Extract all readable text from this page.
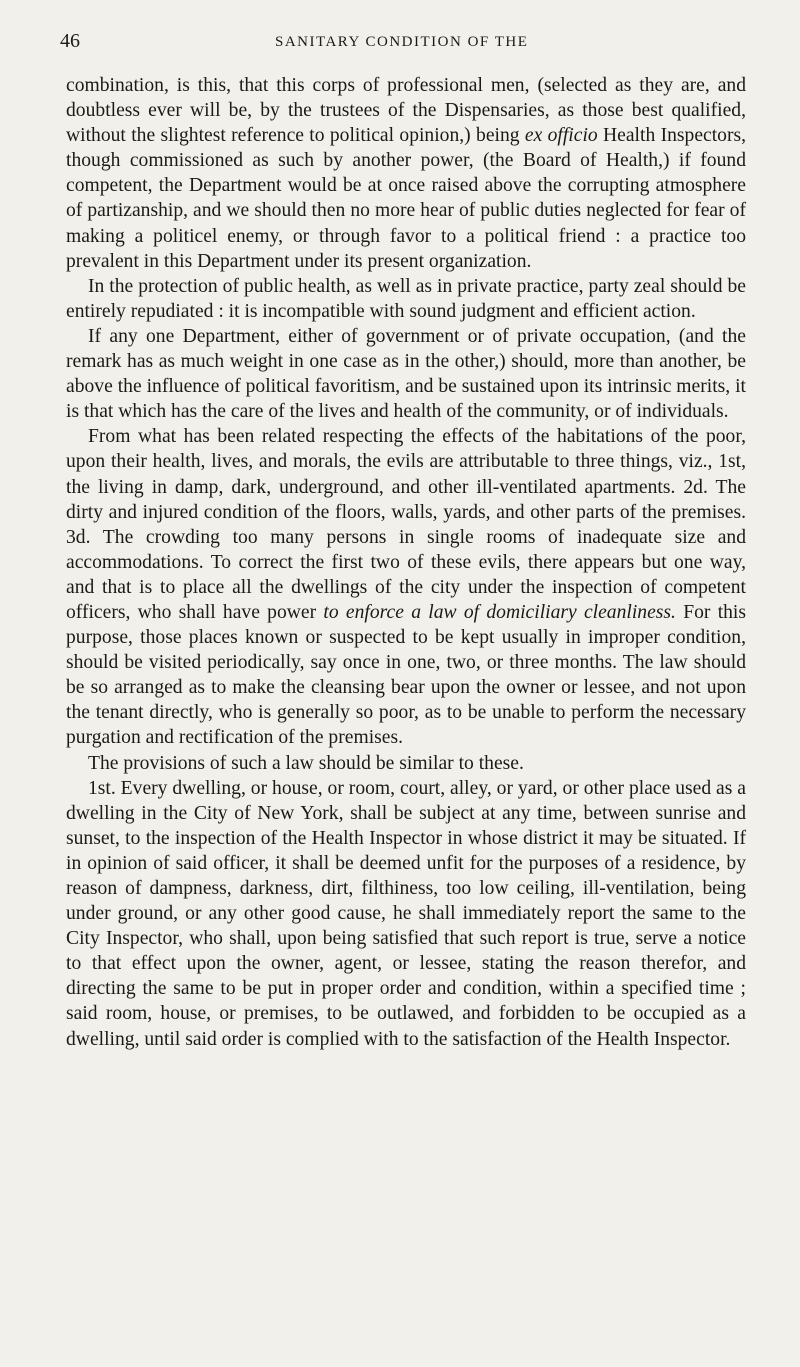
46	SANITARY CONDITION OF THE

combination, is this, that this corps of professional men, (selected as they are, and doubtless ever will be, by the trustees of the Dispensaries, as those best qualified, without the slightest reference to political opinion,) being ex officio Health Inspectors, though commissioned as such by another power, (the Board of Health,) if found competent, the Department would be at once raised above the corrupting atmosphere of partizanship, and we should then no more hear of public duties neglected for fear of making a politicel enemy, or through favor to a political friend : a practice too prevalent in this Department under its present organization.

In the protection of public health, as well as in private practice, party zeal should be entirely repudiated : it is incompatible with sound judgment and efficient action.

If any one Department, either of government or of private occupation, (and the remark has as much weight in one case as in the other,) should, more than another, be above the influence of political favoritism, and be sustained upon its intrinsic merits, it is that which has the care of the lives and health of the community, or of individuals.

From what has been related respecting the effects of the habitations of the poor, upon their health, lives, and morals, the evils are attributable to three things, viz., 1st, the living in damp, dark, underground, and other ill-ventilated apartments. 2d. The dirty and injured condition of the floors, walls, yards, and other parts of the premises. 3d. The crowding too many persons in single rooms of inadequate size and accommodations. To correct the first two of these evils, there appears but one way, and that is to place all the dwellings of the city under the inspection of competent officers, who shall have power to enforce a law of domiciliary cleanliness. For this purpose, those places known or suspected to be kept usually in improper condition, should be visited periodically, say once in one, two, or three months. The law should be so arranged as to make the cleansing bear upon the owner or lessee, and not upon the tenant directly, who is generally so poor, as to be unable to perform the necessary purgation and rectification of the premises.

The provisions of such a law should be similar to these.

1st. Every dwelling, or house, or room, court, alley, or yard, or other place used as a dwelling in the City of New York, shall be subject at any time, between sunrise and sunset, to the inspection of the Health Inspector in whose district it may be situated. If in opinion of said officer, it shall be deemed unfit for the purposes of a residence, by reason of dampness, darkness, dirt, filthiness, too low ceiling, ill-ventilation, being under ground, or any other good cause, he shall immediately report the same to the City Inspector, who shall, upon being satisfied that such report is true, serve a notice to that effect upon the owner, agent, or lessee, stating the reason therefor, and directing the same to be put in proper order and condition, within a specified time ; said room, house, or premises, to be outlawed, and forbidden to be occupied as a dwelling, until said order is complied with to the satisfaction of the Health Inspector.
